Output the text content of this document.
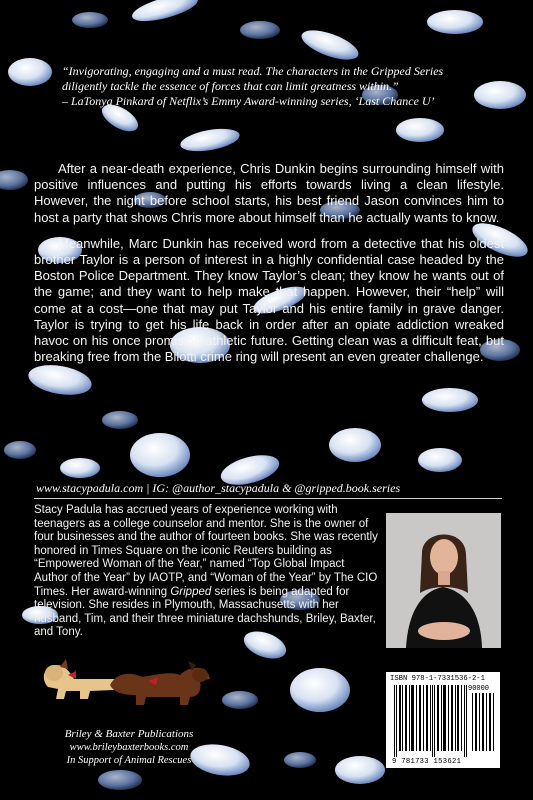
“Invigorating, engaging and a must read. The characters in the Gripped Series
diligently tackle the essence of forces that can limit greatness within.”
– LaTonya Pinkard of Netflix’s Emmy Award-winning series, ‘Last Chance U’

After a near-death experience, Chris Dunkin begins surrounding himself with positive influences and putting his efforts towards living a clean lifestyle. However, the night before school starts, his best friend Jason convinces him to host a party that shows Chris more about himself than he actually wants to know.

Meanwhile, Marc Dunkin has received word from a detective that his oldest brother Taylor is a person of interest in a highly confidential case headed by the Boston Police Department. They know Taylor’s clean; they know he wants out of the game; and they want to help make that happen. However, their “help” will come at a cost—one that may put Taylor and his entire family in grave danger. Taylor is trying to get his life back in order after an opiate addiction wreaked havoc on his once promising athletic future. Getting clean was a difficult feat, but breaking free from the Bilotti crime ring will present an even greater challenge.

www.stacypadula.com | IG: @author_stacypadula & @gripped.book.series
Stacy Padula has accrued years of experience working with teenagers as a college counselor and mentor. She is the owner of four businesses and the author of fourteen books. She was recently honored in Times Square on the iconic Reuters building as “Empowered Woman of the Year,” named “Top Global Impact Author of the Year” by IAOTP, and “Woman of the Year” by The CIO Times. Her award-winning Gripped series is being adapted for television. She resides in Plymouth, Massachusetts with her husband, Tim, and their three miniature dachshunds, Briley, Baxter, and Tony.
ISBN 978-1-7331536-2-1
90000
9 781733 153621
Briley & Baxter Publications
www.brileybaxterbooks.com
In Support of Animal Rescues
